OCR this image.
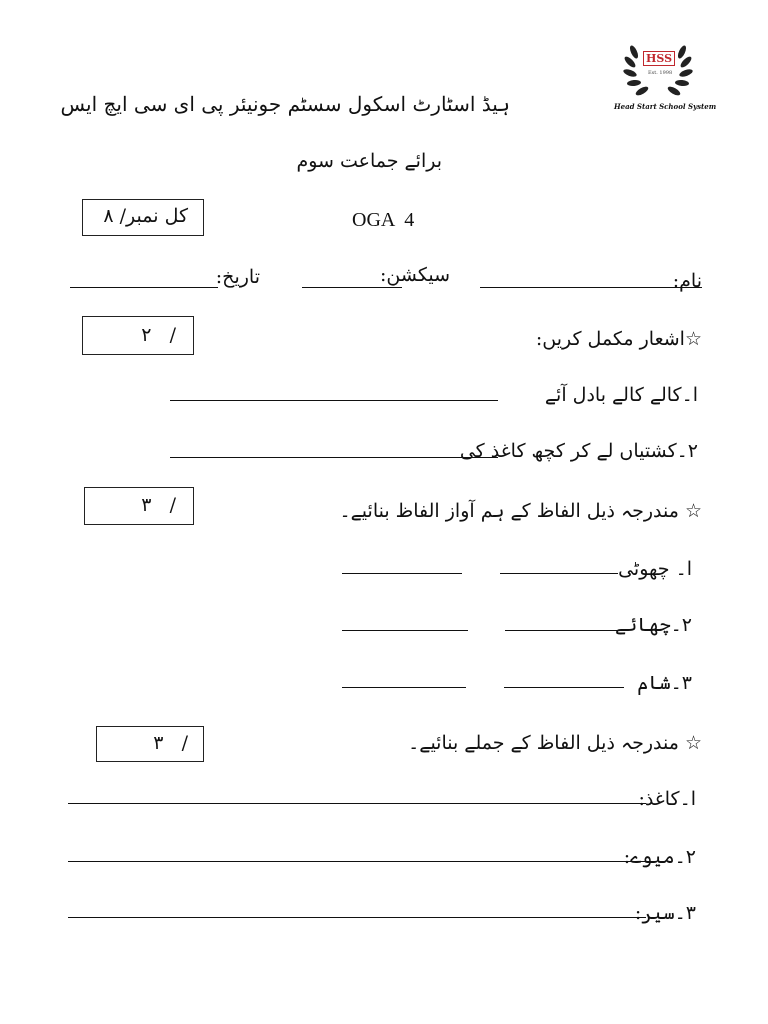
HSS
Est. 1998
Head Start School System
ہیڈ اسٹارٹ اسکول سسٹم جونیئر پی ای سی ایچ ایس
برائے جماعت سوم
کل نمبر/ ۸	OGA  4
نام:
سیکشن:
تاریخ:
/   ۲	☆اشعار مکمل کریں:
ا۔کالے کالے بادل آئے
۲۔کشتیاں لے کر کچھ کاغذ کی
/   ۳	☆ مندرجہ ذیل الفاظ کے ہم آواز الفاظ بنائیے۔
ا۔ چھوٹی
۲۔چھائے
۳۔شام
/   ۳	☆ مندرجہ ذیل الفاظ کے جملے بنائیے۔
ا۔کاغذ:
۲۔میوے:
۳۔سیر:
